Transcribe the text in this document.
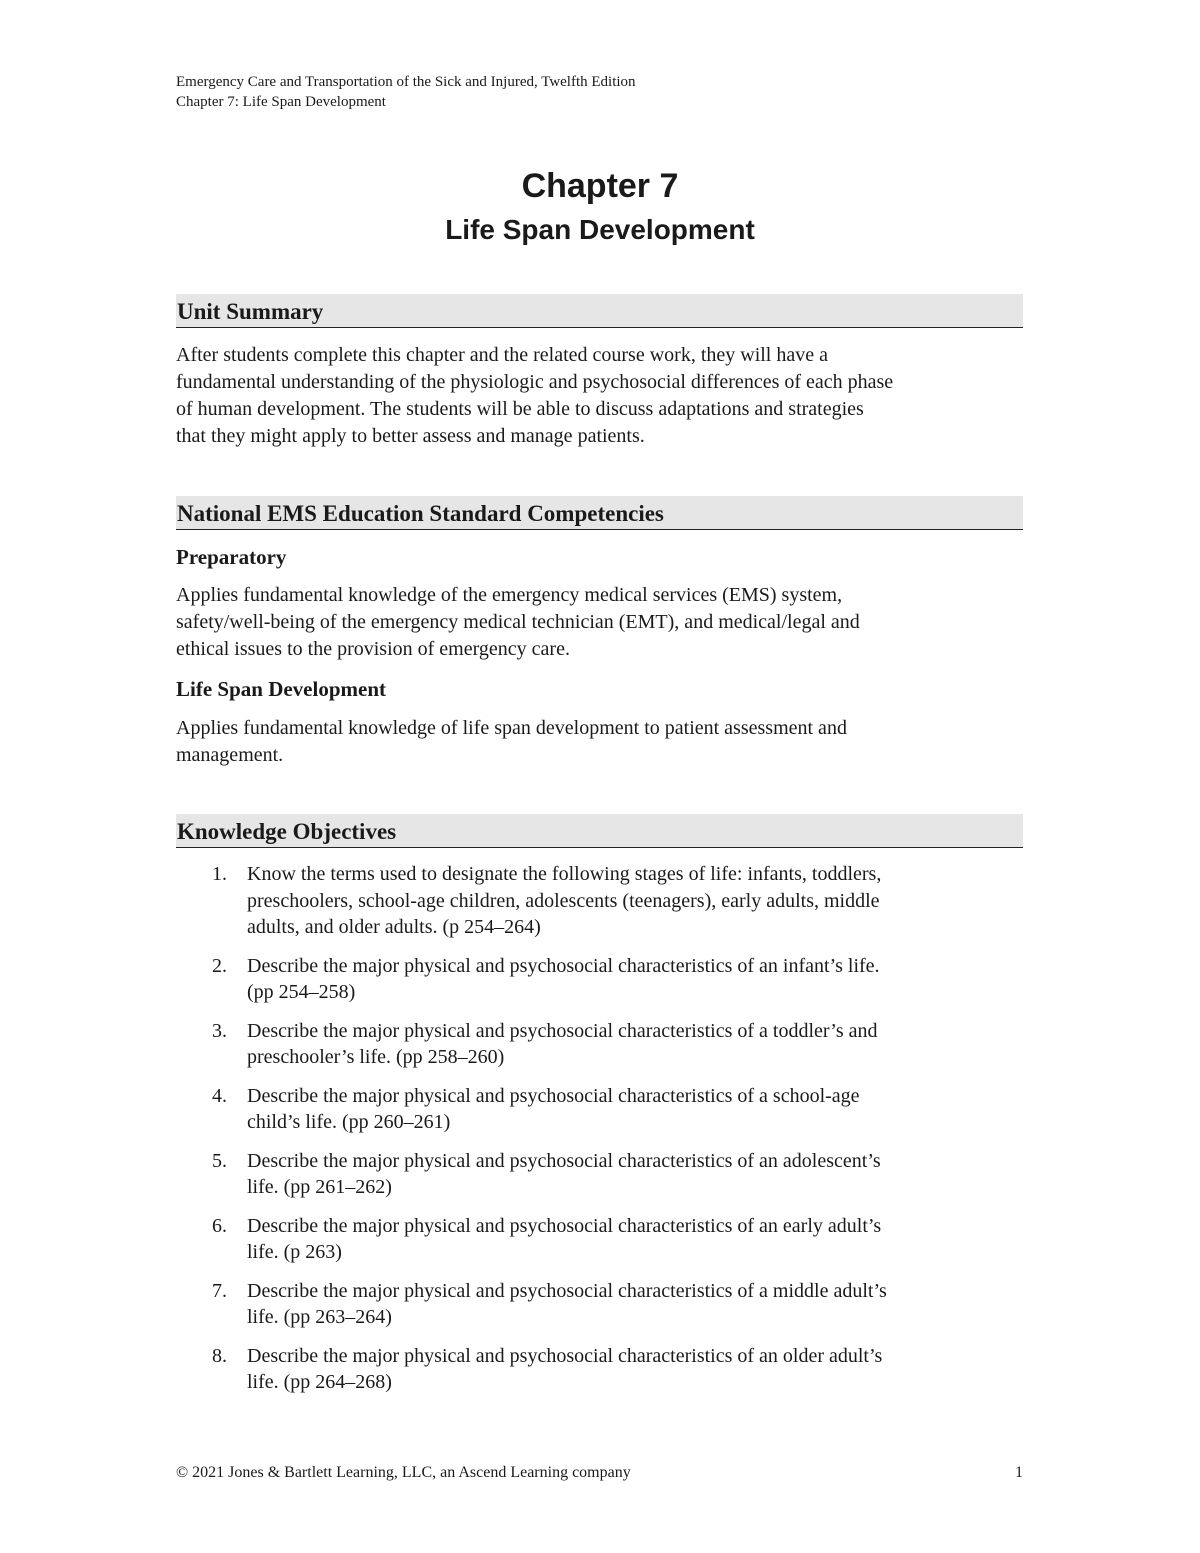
Emergency Care and Transportation of the Sick and Injured, Twelfth Edition
Chapter 7: Life Span Development
Chapter 7
Life Span Development
Unit Summary
After students complete this chapter and the related course work, they will have a
fundamental understanding of the physiologic and psychosocial differences of each phase
of human development. The students will be able to discuss adaptations and strategies
that they might apply to better assess and manage patients.
National EMS Education Standard Competencies
Preparatory
Applies fundamental knowledge of the emergency medical services (EMS) system,
safety/well-being of the emergency medical technician (EMT), and medical/legal and
ethical issues to the provision of emergency care.
Life Span Development
Applies fundamental knowledge of life span development to patient assessment and
management.
Knowledge Objectives
1. Know the terms used to designate the following stages of life: infants, toddlers,
preschoolers, school-age children, adolescents (teenagers), early adults, middle
adults, and older adults. (p 254–264)
2. Describe the major physical and psychosocial characteristics of an infant’s life.
(pp 254–258)
3. Describe the major physical and psychosocial characteristics of a toddler’s and
preschooler’s life. (pp 258–260)
4. Describe the major physical and psychosocial characteristics of a school-age
child’s life. (pp 260–261)
5. Describe the major physical and psychosocial characteristics of an adolescent’s
life. (pp 261–262)
6. Describe the major physical and psychosocial characteristics of an early adult’s
life. (p 263)
7. Describe the major physical and psychosocial characteristics of a middle adult’s
life. (pp 263–264)
8. Describe the major physical and psychosocial characteristics of an older adult’s
life. (pp 264–268)
© 2021 Jones & Bartlett Learning, LLC, an Ascend Learning company	1
